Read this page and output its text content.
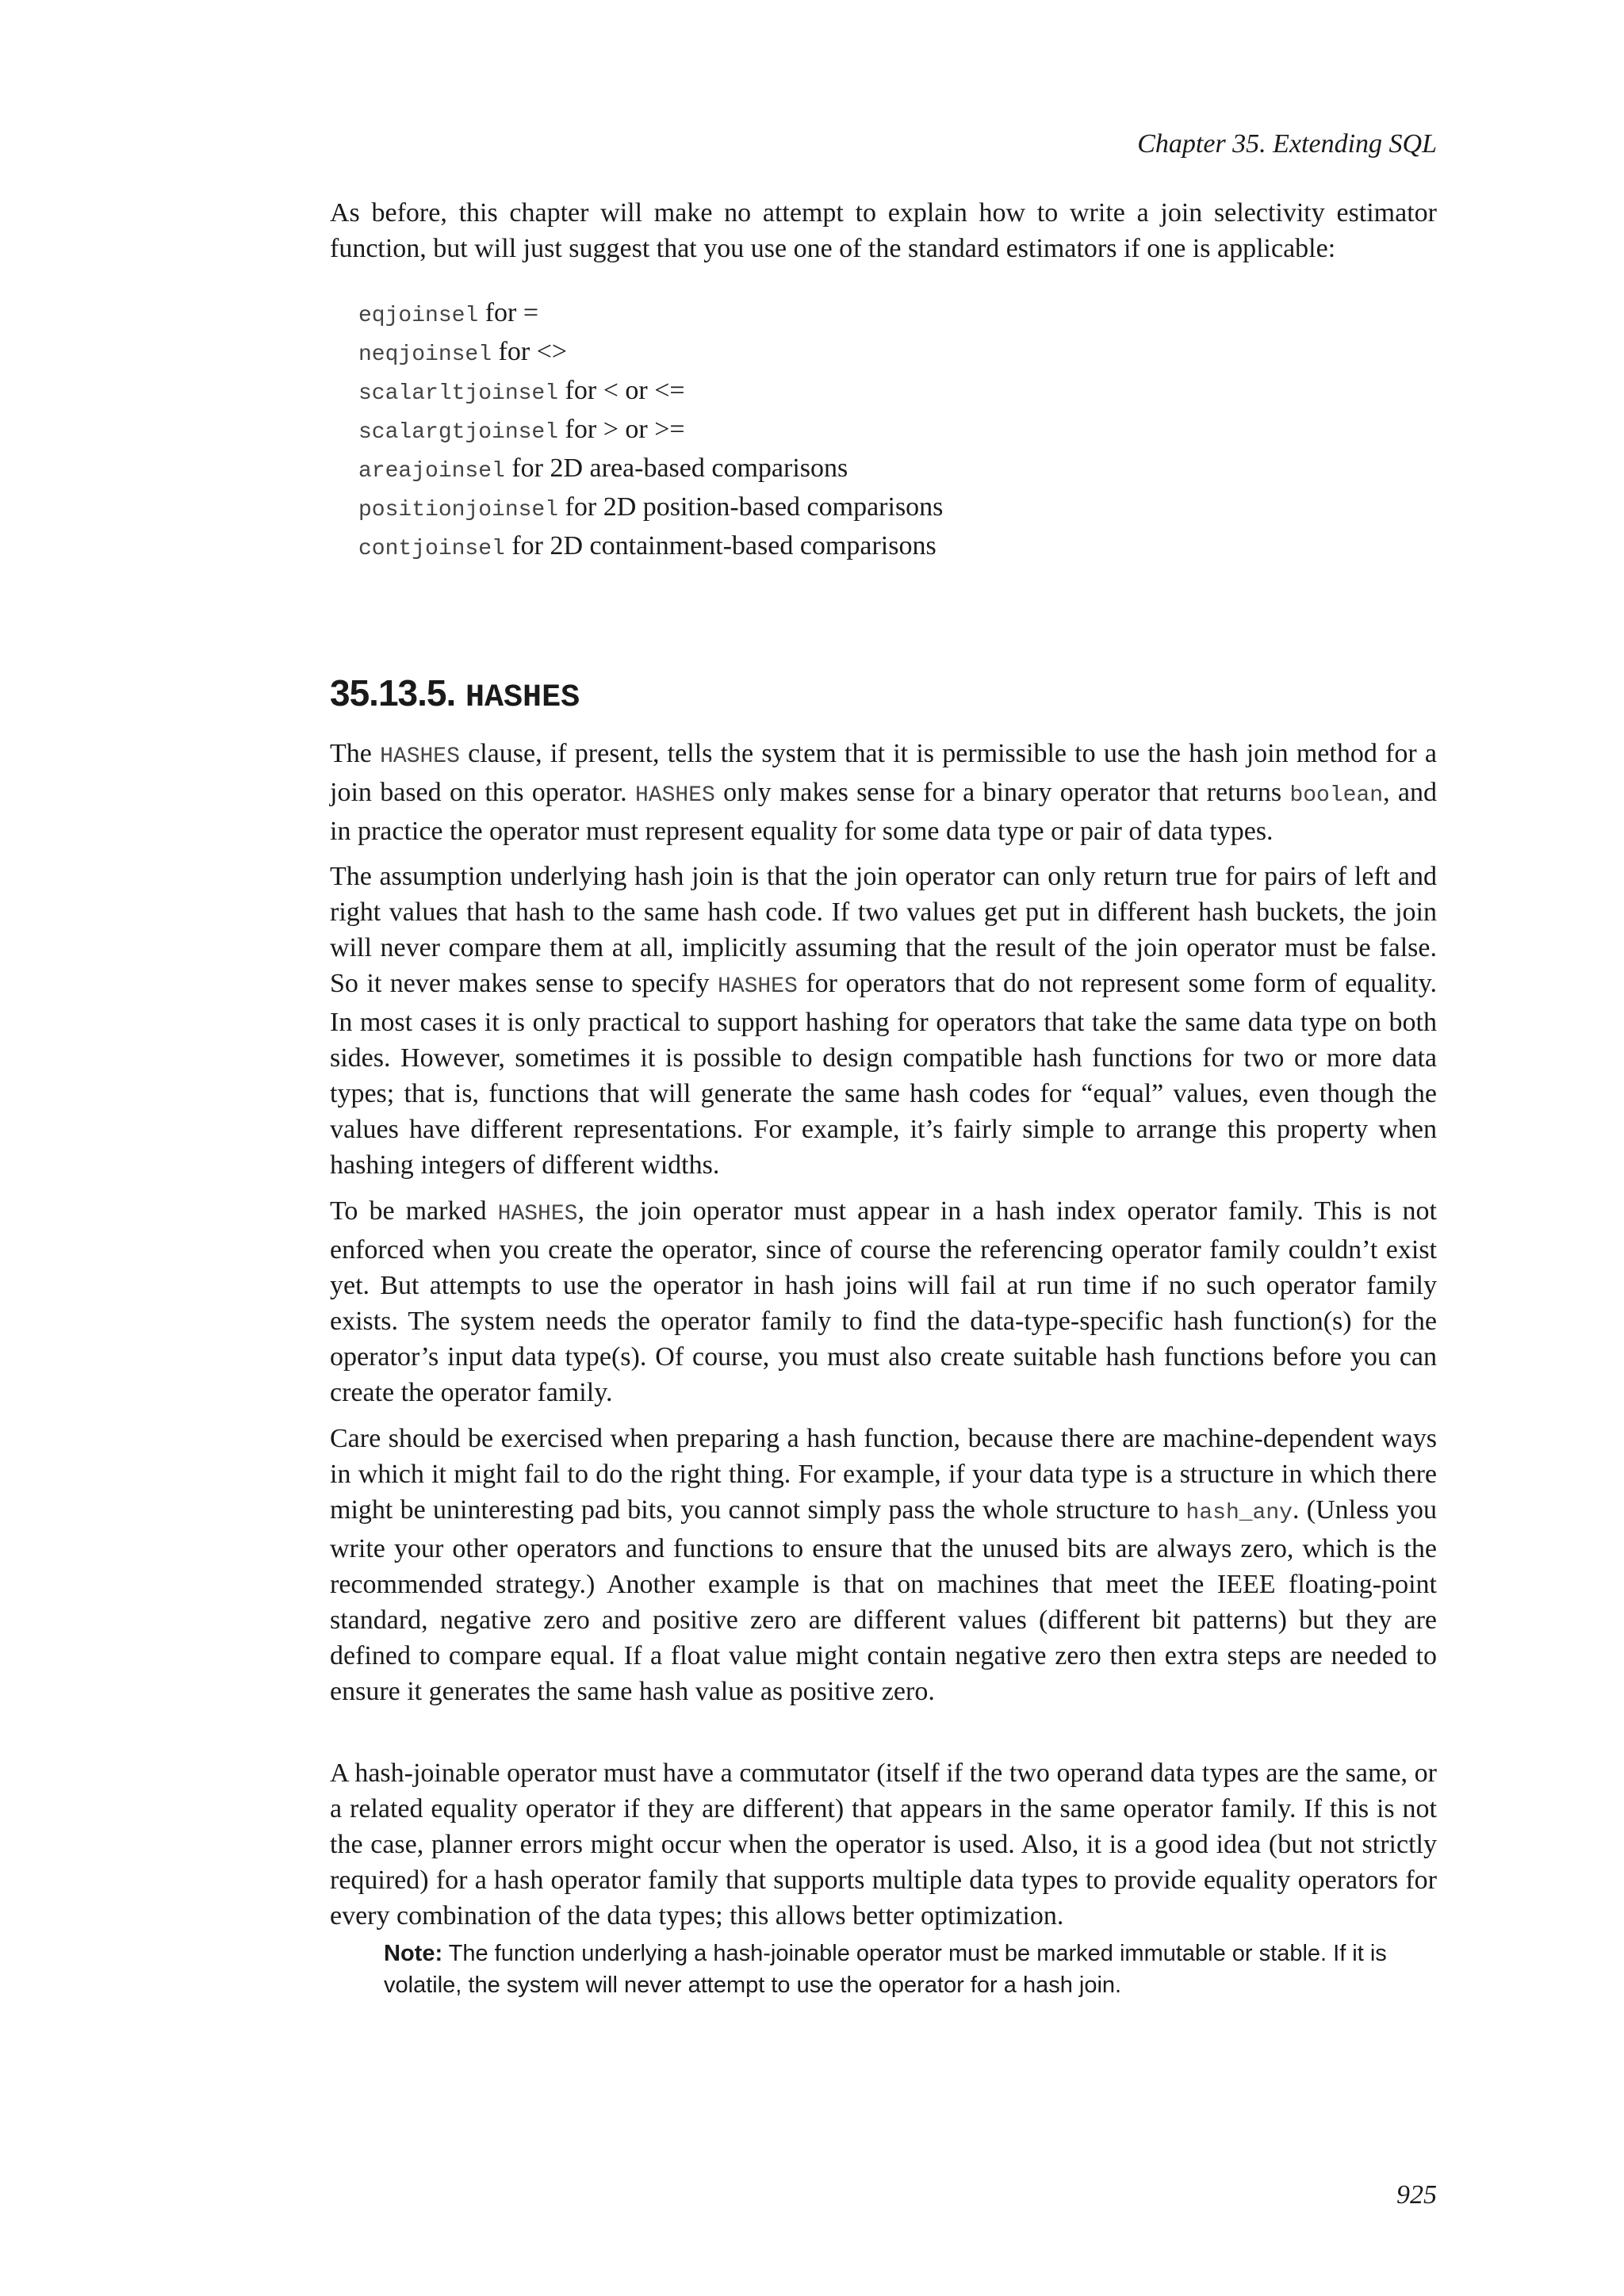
Chapter 35. Extending SQL

As before, this chapter will make no attempt to explain how to write a join selectivity estimator function, but will just suggest that you use one of the standard estimators if one is applicable:

eqjoinsel for =
neqjoinsel for <>
scalarltjoinsel for < or <=
scalargtjoinsel for > or >=
areajoinsel for 2D area-based comparisons
positionjoinsel for 2D position-based comparisons
contjoinsel for 2D containment-based comparisons
35.13.5. HASHES

The HASHES clause, if present, tells the system that it is permissible to use the hash join method for a join based on this operator. HASHES only makes sense for a binary operator that returns boolean, and in practice the operator must represent equality for some data type or pair of data types.

The assumption underlying hash join is that the join operator can only return true for pairs of left and right values that hash to the same hash code. If two values get put in different hash buckets, the join will never compare them at all, implicitly assuming that the result of the join operator must be false. So it never makes sense to specify HASHES for operators that do not represent some form of equality. In most cases it is only practical to support hashing for operators that take the same data type on both sides. However, sometimes it is possible to design compatible hash functions for two or more data types; that is, functions that will generate the same hash codes for “equal” values, even though the values have different representations. For example, it’s fairly simple to arrange this property when hashing integers of different widths.

To be marked HASHES, the join operator must appear in a hash index operator family. This is not enforced when you create the operator, since of course the referencing operator family couldn’t exist yet. But attempts to use the operator in hash joins will fail at run time if no such operator family exists. The system needs the operator family to find the data-type-specific hash function(s) for the operator’s input data type(s). Of course, you must also create suitable hash functions before you can create the operator family.

Care should be exercised when preparing a hash function, because there are machine-dependent ways in which it might fail to do the right thing. For example, if your data type is a structure in which there might be uninteresting pad bits, you cannot simply pass the whole structure to hash_any. (Unless you write your other operators and functions to ensure that the unused bits are always zero, which is the recommended strategy.) Another example is that on machines that meet the IEEE floating-point standard, negative zero and positive zero are different values (different bit patterns) but they are defined to compare equal. If a float value might contain negative zero then extra steps are needed to ensure it generates the same hash value as positive zero.

A hash-joinable operator must have a commutator (itself if the two operand data types are the same, or a related equality operator if they are different) that appears in the same operator family. If this is not the case, planner errors might occur when the operator is used. Also, it is a good idea (but not strictly required) for a hash operator family that supports multiple data types to provide equality operators for every combination of the data types; this allows better optimization.

Note: The function underlying a hash-joinable operator must be marked immutable or stable. If it is volatile, the system will never attempt to use the operator for a hash join.

925
